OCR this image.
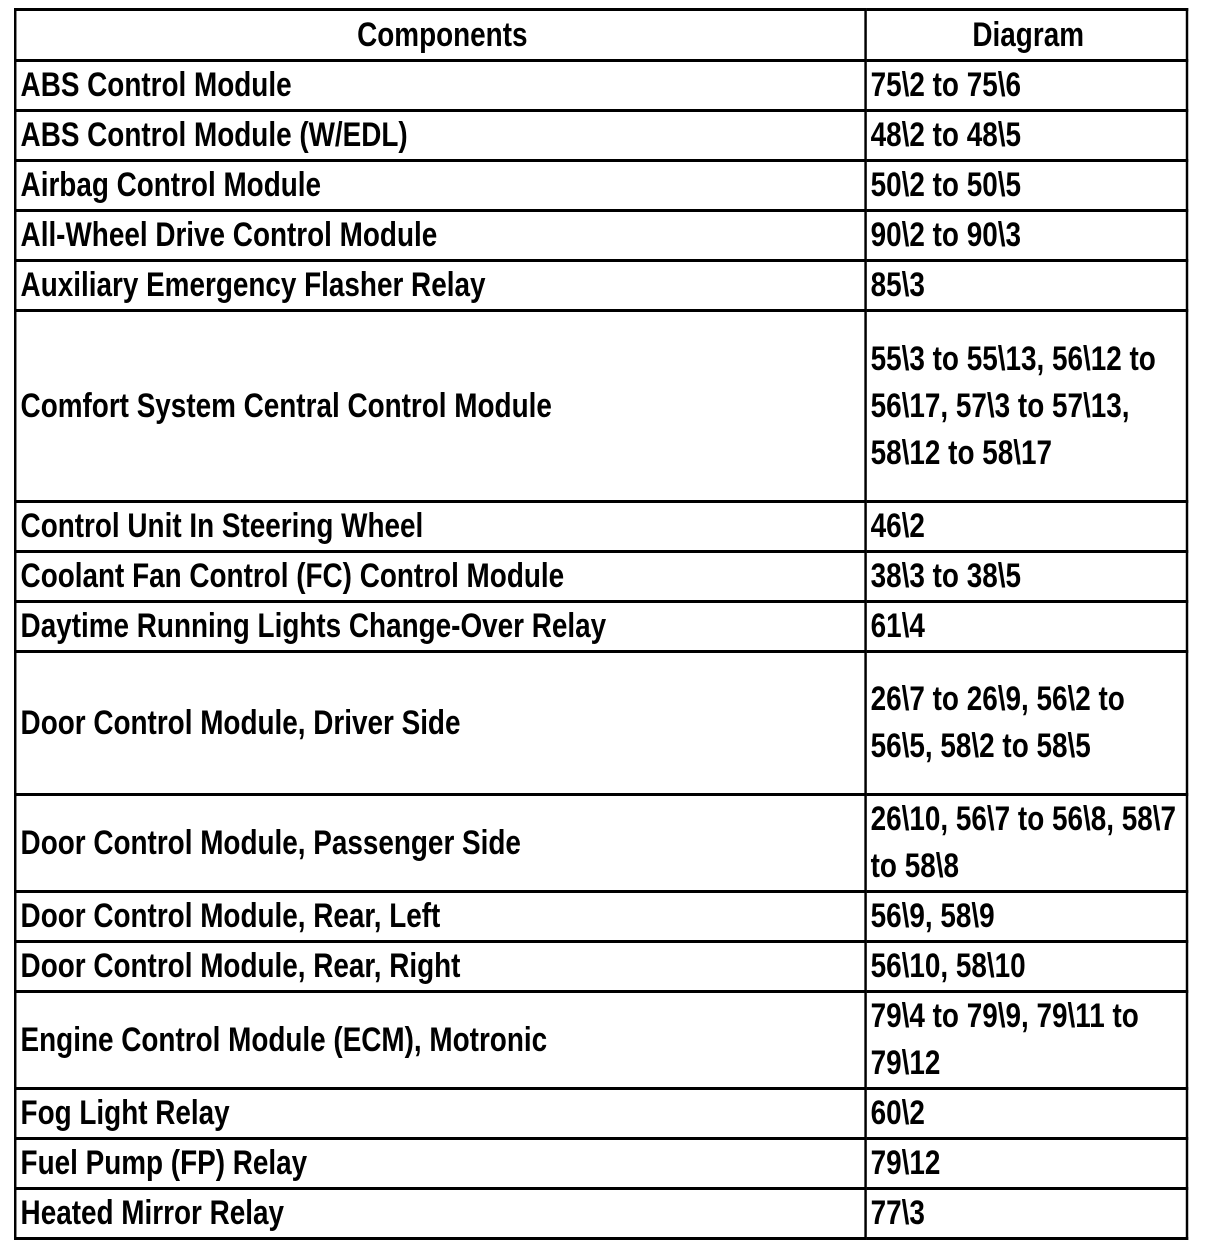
Components	Diagram
ABS Control Module	75\2 to 75\6
ABS Control Module (W/EDL)	48\2 to 48\5
Airbag Control Module	50\2 to 50\5
All-Wheel Drive Control Module	90\2 to 90\3
Auxiliary Emergency Flasher Relay	85\3
Comfort System Central Control Module	55\3 to 55\13, 56\12 to 56\17, 57\3 to 57\13, 58\12 to 58\17
Control Unit In Steering Wheel	46\2
Coolant Fan Control (FC) Control Module	38\3 to 38\5
Daytime Running Lights Change-Over Relay	61\4
Door Control Module, Driver Side	26\7 to 26\9, 56\2 to 56\5, 58\2 to 58\5
Door Control Module, Passenger Side	26\10, 56\7 to 56\8, 58\7 to 58\8
Door Control Module, Rear, Left	56\9, 58\9
Door Control Module, Rear, Right	56\10, 58\10
Engine Control Module (ECM), Motronic	79\4 to 79\9, 79\11 to 79\12
Fog Light Relay	60\2
Fuel Pump (FP) Relay	79\12
Heated Mirror Relay	77\3
